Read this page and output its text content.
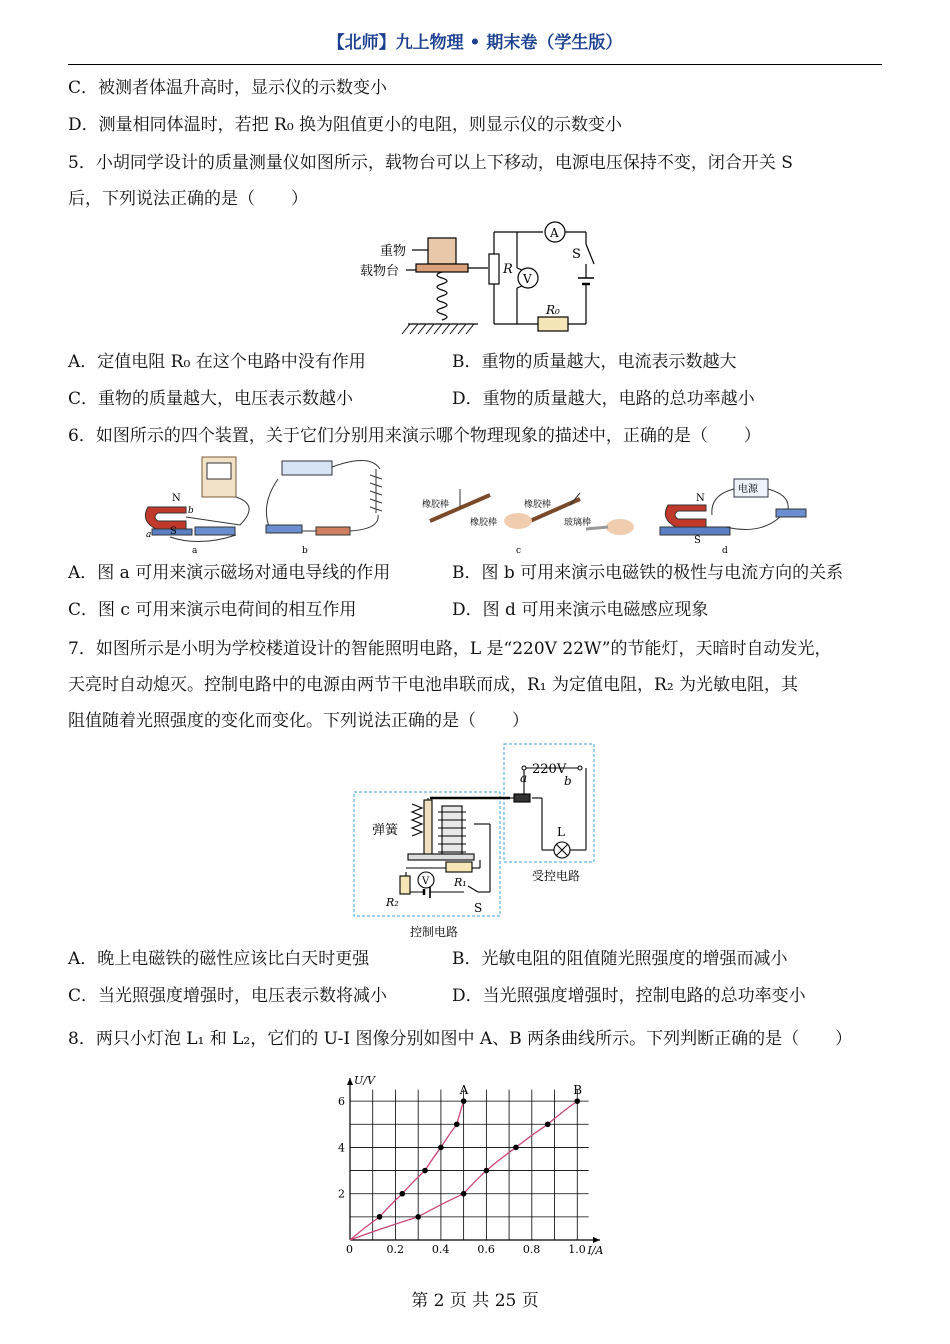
【北师】九上物理 • 期末卷（学生版）
C．被测者体温升高时，显示仪的示数变小
D．测量相同体温时，若把 R₀ 换为阻值更小的电阻，则显示仪的示数变小
5．小胡同学设计的质量测量仪如图所示，载物台可以上下移动，电源电压保持不变，闭合开关 S
后，下列说法正确的是（ ）
重物
载物台	R
A
V
S
R₀
A．定值电阻 R₀ 在这个电路中没有作用	B．重物的质量越大，电流表示数越大
C．重物的质量越大，电压表示数越小	D．重物的质量越大，电路的总功率越小
6．如图所示的四个装置，关于它们分别用来演示哪个物理现象的描述中，正确的是（ ）
N
b
S
a
a	b
橡胶棒
橡胶棒
橡胶棒
玻璃棒
c
N
S
电源
d
A．图 a 可用来演示磁场对通电导线的作用	B．图 b 可用来演示电磁铁的极性与电流方向的关系
C．图 c 可用来演示电荷间的相互作用	D．图 d 可用来演示电磁感应现象
7．如图所示是小明为学校楼道设计的智能照明电路，L 是“220V 22W”的节能灯，天暗时自动发光，
天亮时自动熄灭。控制电路中的电源由两节干电池串联而成，R₁ 为定值电阻，R₂ 为光敏电阻，其
阻值随着光照强度的变化而变化。下列说法正确的是（ ）
220V
a	b
弹簧	L
V R₁
R₂	S
受控电路
控制电路
A．晚上电磁铁的磁性应该比白天时更强	B．光敏电阻的阻值随光照强度的增强而减小
C．当光照强度增强时，电压表示数将减小	D．当光照强度增强时，控制电路的总功率变小
8．两只小灯泡 L₁ 和 L₂，它们的 U-I 图像分别如图中 A、B 两条曲线所示。下列判断正确的是（ ）
A	B
0	0.2	0.4	0.6	0.8	1.0
2
4
6
I/A
U/V
第 2 页 共 25 页
